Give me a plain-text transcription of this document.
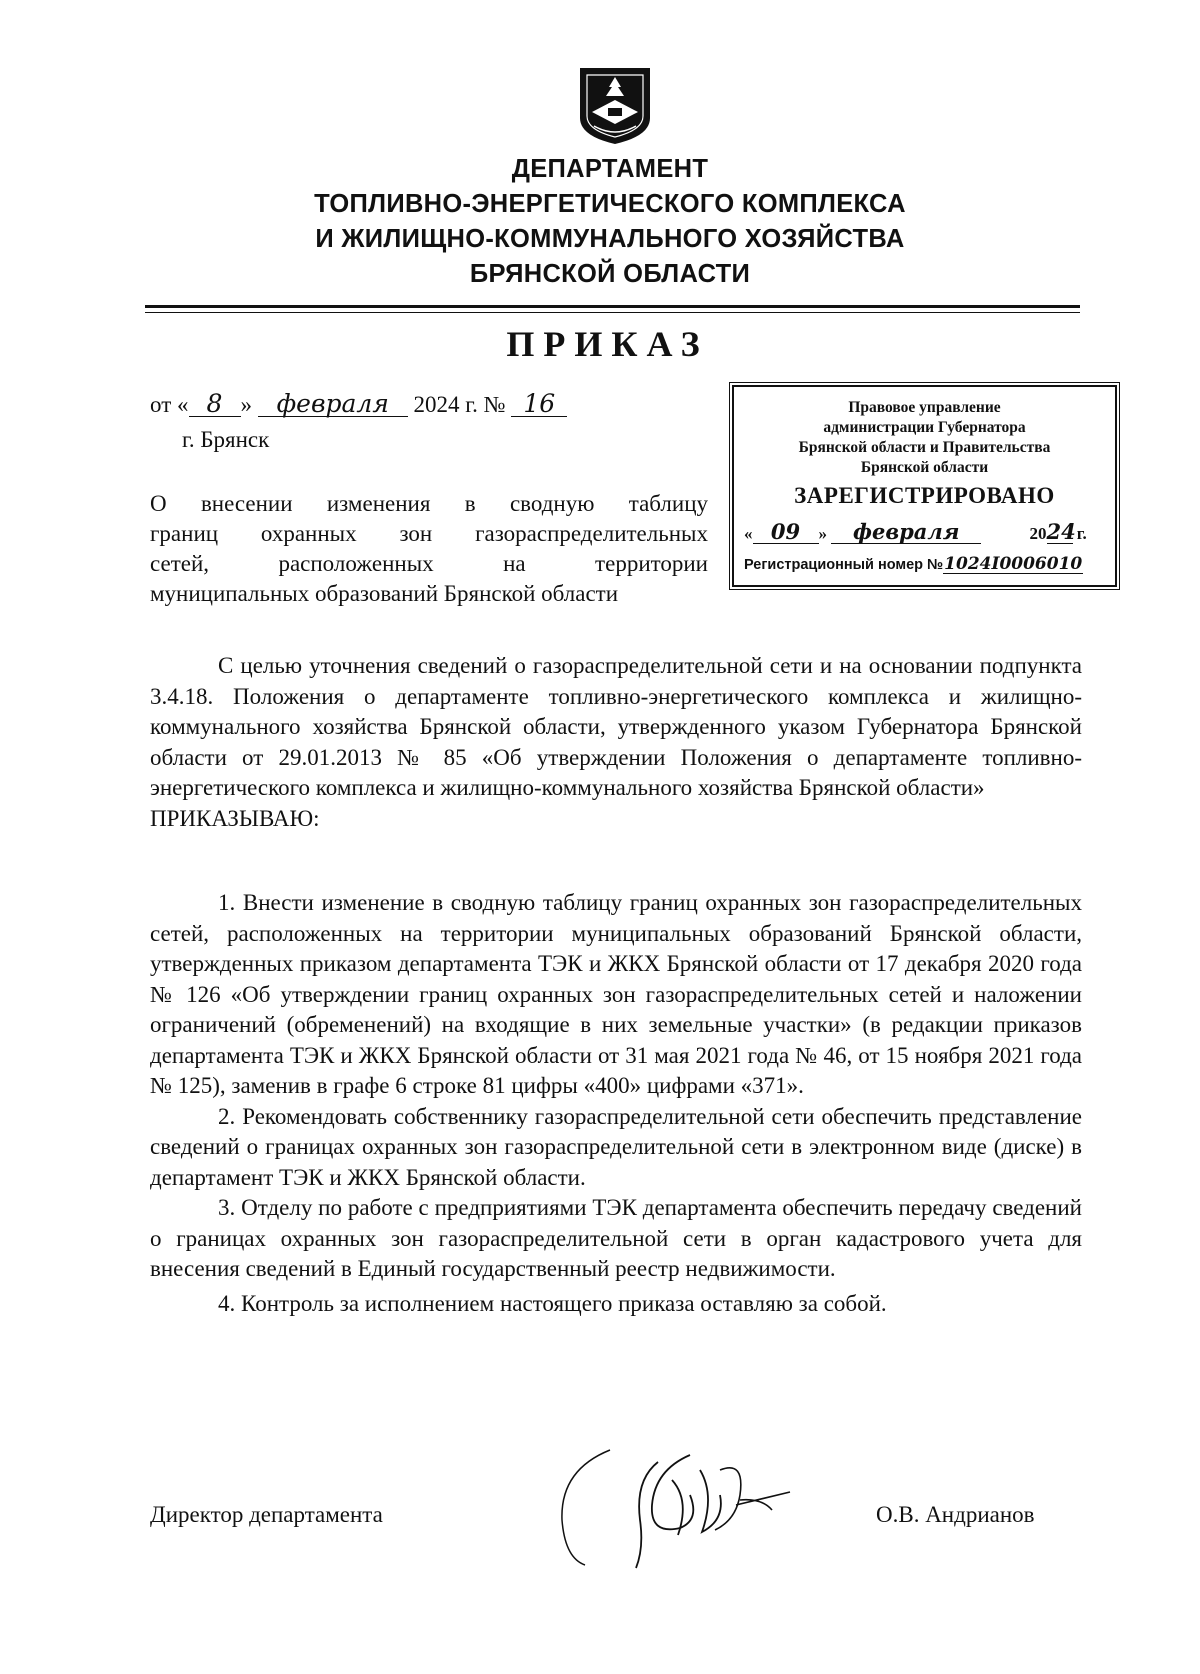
ДЕПАРТАМЕНТ
ТОПЛИВНО-ЭНЕРГЕТИЧЕСКОГО КОМПЛЕКСА
И ЖИЛИЩНО-КОММУНАЛЬНОГО ХОЗЯЙСТВА
БРЯНСКОЙ ОБЛАСТИ
ПРИКАЗ
от « 8 » февраля 2024 г. № 16
г. Брянск
О внесении изменения в сводную таблицу
границ охранных зон газораспределительных
сетей, расположенных на территории
муниципальных образований Брянской области
Правовое управление
администрации Губернатора
Брянской области и Правительства
Брянской области
ЗАРЕГИСТРИРОВАНО
« 09 » февраля	2024 г.
Регистрационный номер №1024I0006010

С целью уточнения сведений о газораспределительной сети и на основании подпункта 3.4.18. Положения о департаменте топливно-энергетического комплекса и жилищно-коммунального хозяйства Брянской области, утвержденного указом Губернатора Брянской области от 29.01.2013 № 85 «Об утверждении Положения о департаменте топливно-энергетического комплекса и жилищно-коммунального хозяйства Брянской области»

ПРИКАЗЫВАЮ:

1. Внести изменение в сводную таблицу границ охранных зон газораспределительных сетей, расположенных на территории муниципальных образований Брянской области, утвержденных приказом департамента ТЭК и ЖКХ Брянской области от 17 декабря 2020 года № 126 «Об утверждении границ охранных зон газораспределительных сетей и наложении ограничений (обременений) на входящие в них земельные участки» (в редакции приказов департамента ТЭК и ЖКХ Брянской области от 31 мая 2021 года № 46, от 15 ноября 2021 года № 125), заменив в графе 6 строке 81 цифры «400» цифрами «371».

2. Рекомендовать собственнику газораспределительной сети обеспечить представление сведений о границах охранных зон газораспределительной сети в электронном виде (диске) в департамент ТЭК и ЖКХ Брянской области.

3. Отделу по работе с предприятиями ТЭК департамента обеспечить передачу сведений о границах охранных зон газораспределительной сети в орган кадастрового учета для внесения сведений в Единый государственный реестр недвижимости.

4. Контроль за исполнением настоящего приказа оставляю за собой.

Директор департамента	О.В. Андрианов
